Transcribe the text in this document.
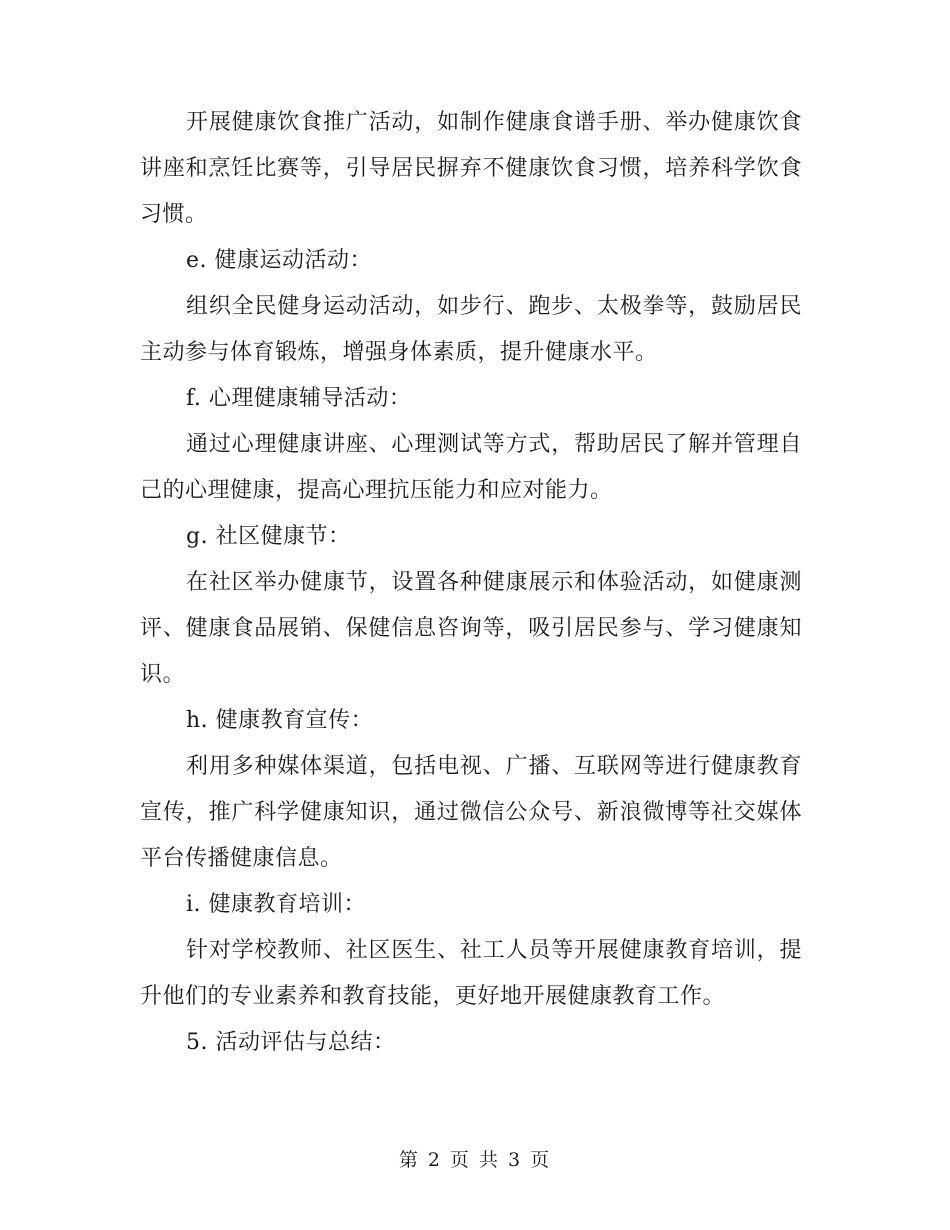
开展健康饮食推广活动，如制作健康食谱手册、举办健康饮食讲座和烹饪比赛等，引导居民摒弃不健康饮食习惯，培养科学饮食习惯。

e. 健康运动活动：

组织全民健身运动活动，如步行、跑步、太极拳等，鼓励居民主动参与体育锻炼，增强身体素质，提升健康水平。

f. 心理健康辅导活动：

通过心理健康讲座、心理测试等方式，帮助居民了解并管理自己的心理健康，提高心理抗压能力和应对能力。

g. 社区健康节：

在社区举办健康节，设置各种健康展示和体验活动，如健康测评、健康食品展销、保健信息咨询等，吸引居民参与、学习健康知识。

h. 健康教育宣传：

利用多种媒体渠道，包括电视、广播、互联网等进行健康教育宣传，推广科学健康知识，通过微信公众号、新浪微博等社交媒体平台传播健康信息。

i. 健康教育培训：

针对学校教师、社区医生、社工人员等开展健康教育培训，提升他们的专业素养和教育技能，更好地开展健康教育工作。

5. 活动评估与总结：

第 2 页 共 3 页
